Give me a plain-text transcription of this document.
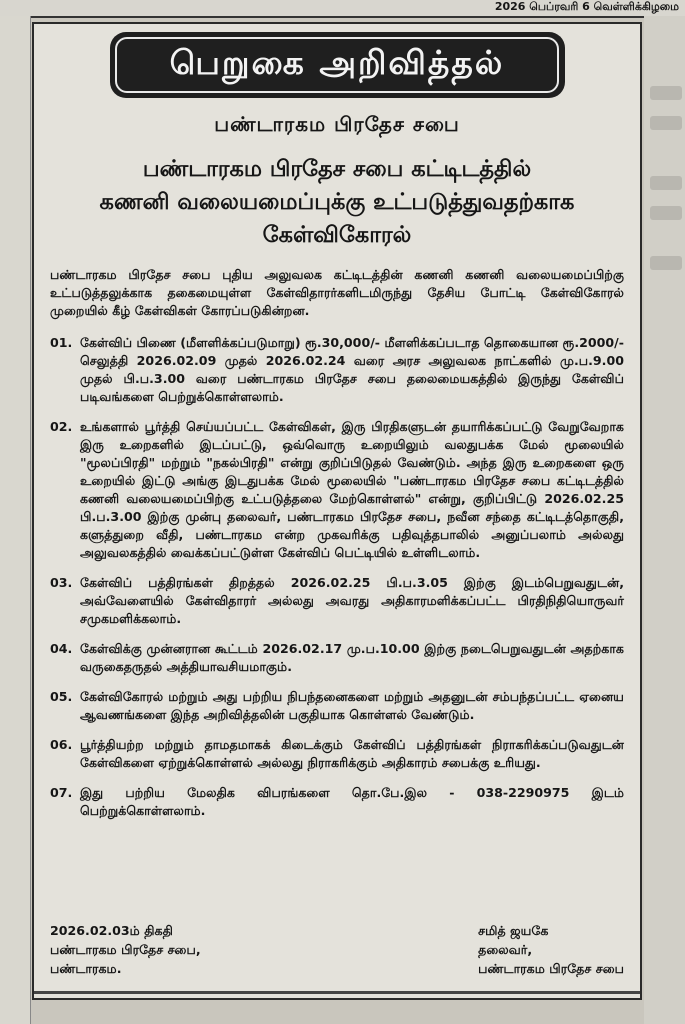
2026 பெப்ரவரி 6 வெள்ளிக்கிழமை
பெறுகை அறிவித்தல்
பண்டாரகம பிரதேச சபை
பண்டாரகம பிரதேச சபை கட்டிடத்தில்
கணனி வலையமைப்புக்கு உட்படுத்துவதற்காக
கேள்விகோரல்
பண்டாரகம பிரதேச சபை புதிய அலுவலக கட்டிடத்தின் கணனி கணனி வலையமைப்பிற்கு உட்படுத்தலுக்காக தகைமையுள்ள கேள்விதாரர்களிடமிருந்து தேசிய போட்டி கேள்விகோரல் முறையில் கீழ் கேள்விகள் கோரப்படுகின்றன.
01. கேள்விப் பிணை (மீளளிக்கப்படுமாறு) ரூ.30,000/- மீளளிக்கப்படாத தொகையான ரூ.2000/- செலுத்தி 2026.02.09 முதல் 2026.02.24 வரை அரச அலுவலக நாட்களில் மு.ப.9.00 முதல் பி.ப.3.00 வரை பண்டாரகம பிரதேச சபை தலைமையகத்தில் இருந்து கேள்விப் படிவங்களை பெற்றுக்கொள்ளலாம்.
02. உங்களால் பூர்த்தி செய்யப்பட்ட கேள்விகள், இரு பிரதிகளுடன் தயாரிக்கப்பட்டு வேறுவேறாக இரு உறைகளில் இடப்பட்டு, ஒவ்வொரு உறையிலும் வலதுபக்க மேல் மூலையில் "மூலப்பிரதி" மற்றும் "நகல்பிரதி" என்று குறிப்பிடுதல் வேண்டும். அந்த இரு உறைகளை ஒரு உறையில் இட்டு அங்கு இடதுபக்க மேல் மூலையில் "பண்டாரகம பிரதேச சபை கட்டிடத்தில் கணனி வலையமைப்பிற்கு உட்படுத்தலை மேற்கொள்ளல்" என்று, குறிப்பிட்டு 2026.02.25 பி.ப.3.00 இற்கு முன்பு தலைவர், பண்டாரகம பிரதேச சபை, நவீன சந்தை கட்டிடத்தொகுதி, களுத்துறை வீதி, பண்டாரகம என்ற முகவரிக்கு பதிவுத்தபாலில் அனுப்பலாம் அல்லது அலுவலகத்தில் வைக்கப்பட்டுள்ள கேள்விப் பெட்டியில் உள்ளிடலாம்.
03. கேள்விப் பத்திரங்கள் திறத்தல் 2026.02.25 பி.ப.3.05 இற்கு இடம்பெறுவதுடன், அவ்வேளையில் கேள்விதாரர் அல்லது அவரது அதிகாரமளிக்கப்பட்ட பிரதிநிதியொருவர் சமுகமளிக்கலாம்.
04. கேள்விக்கு முன்னரான கூட்டம் 2026.02.17 மு.ப.10.00 இற்கு நடைபெறுவதுடன் அதற்காக வருகைதருதல் அத்தியாவசியமாகும்.
05. கேள்விகோரல் மற்றும் அது பற்றிய நிபந்தனைகளை மற்றும் அதனுடன் சம்பந்தப்பட்ட ஏனைய ஆவணங்களை இந்த அறிவித்தலின் பகுதியாக கொள்ளல் வேண்டும்.
06. பூர்த்தியற்ற மற்றும் தாமதமாகக் கிடைக்கும் கேள்விப் பத்திரங்கள் நிராகரிக்கப்படுவதுடன் கேள்விகளை ஏற்றுக்கொள்ளல் அல்லது நிராகரிக்கும் அதிகாரம் சபைக்கு உரியது.
07. இது பற்றிய மேலதிக விபரங்களை தொ.பே.இல - 038-2290975 இடம் பெற்றுக்கொள்ளலாம்.
2026.02.03ம் திகதி
பண்டாரகம பிரதேச சபை,
பண்டாரகம.
சமித் ஜயகே
தலைவர்,
பண்டாரகம பிரதேச சபை
